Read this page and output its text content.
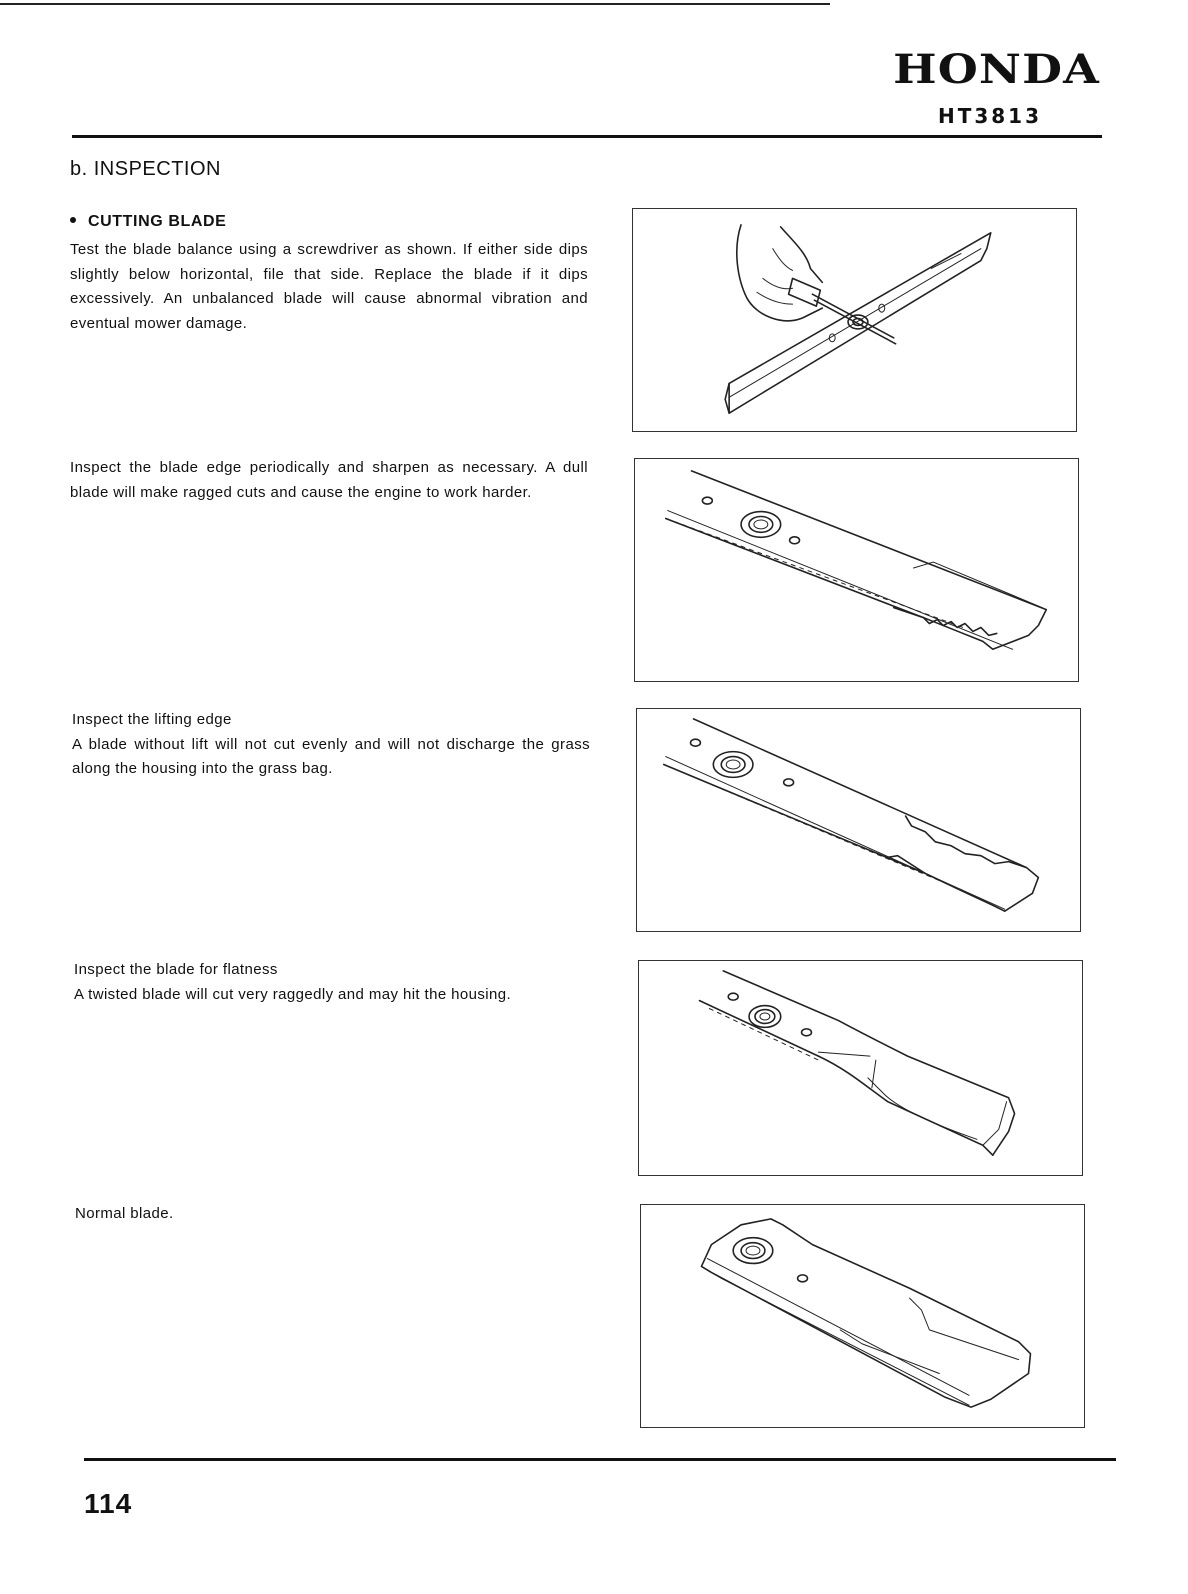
HONDA
HT3813
b. INSPECTION
CUTTING BLADE

Test the blade balance using a screwdriver as shown. If either side dips slightly below horizontal, file that side. Replace the blade if it dips excessively. An unbalanced blade will cause abnormal vibration and eventual mower damage.

Inspect the blade edge periodically and sharpen as necessary. A dull blade will make ragged cuts and cause the engine to work harder.

Inspect the lifting edge

A blade without lift will not cut evenly and will not discharge the grass along the housing into the grass bag.

Inspect the blade for flatness

A twisted blade will cut very raggedly and may hit the housing.

Normal blade.

114
